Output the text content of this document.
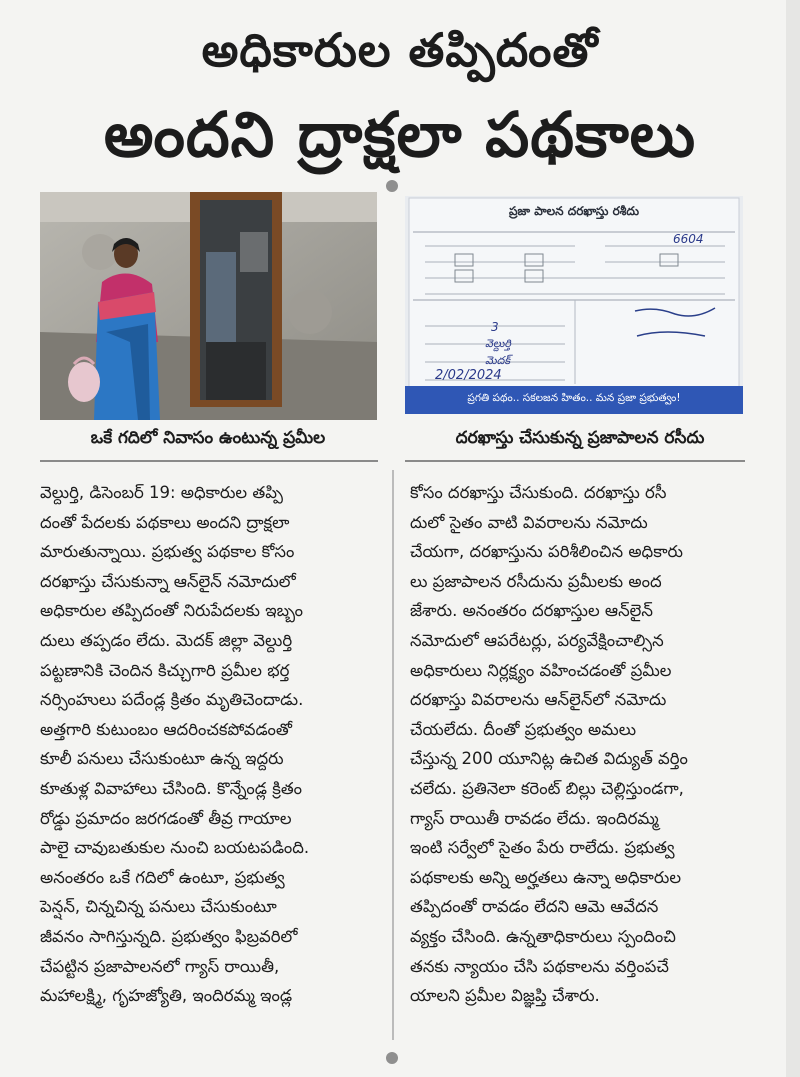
అధికారుల తప్పిదంతో
అందని ద్రాక్షలా పథకాలు
ప్రజా పాలన దరఖాస్తు రశీదు
6604
3
వెల్దుర్తి
మెదక్
2/02/2024
ప్రగతి పథం.. సకలజన హితం.. మన ప్రజా ప్రభుత్వం!
ఒకే గదిలో నివాసం ఉంటున్న ప్రమీల	దరఖాస్తు చేసుకున్న ప్రజాపాలన రసీదు

వెల్దుర్తి, డిసెంబర్ 19: అధికారుల తప్పి

దంతో పేదలకు పథకాలు అందని ద్రాక్షలా

మారుతున్నాయి. ప్రభుత్వ పథకాల కోసం

దరఖాస్తు చేసుకున్నా ఆన్‌లైన్ నమోదులో

అధికారుల తప్పిదంతో నిరుపేదలకు ఇబ్బం

దులు తప్పడం లేదు. మెదక్ జిల్లా వెల్దుర్తి

పట్టణానికి చెందిన కిచ్చుగారి ప్రమీల భర్త

నర్సింహులు పదేండ్ల క్రితం మృతిచెందాడు.

అత్తగారి కుటుంబం ఆదరించకపోవడంతో

కూలీ పనులు చేసుకుంటూ ఉన్న ఇద్దరు

కూతుళ్ల వివాహాలు చేసింది. కొన్నేండ్ల క్రితం

రోడ్డు ప్రమాదం జరగడంతో తీవ్ర గాయాల

పాలై చావుబతుకుల నుంచి బయటపడింది.

అనంతరం ఒకే గదిలో ఉంటూ, ప్రభుత్వ

పెన్షన్, చిన్నచిన్న పనులు చేసుకుంటూ

జీవనం సాగిస్తున్నది. ప్రభుత్వం ఫిబ్రవరిలో

చేపట్టిన ప్రజాపాలనలో గ్యాస్ రాయితీ,

మహాలక్ష్మి, గృహజ్యోతి, ఇందిరమ్మ ఇండ్ల

కోసం దరఖాస్తు చేసుకుంది. దరఖాస్తు రసీ

దులో సైతం వాటి వివరాలను నమోదు

చేయగా, దరఖాస్తును పరిశీలించిన అధికారు

లు ప్రజాపాలన రసీదును ప్రమీలకు అంద

జేశారు. అనంతరం దరఖాస్తుల ఆన్‌లైన్

నమోదులో ఆపరేటర్లు, పర్యవేక్షించాల్సిన

అధికారులు నిర్లక్ష్యం వహించడంతో ప్రమీల

దరఖాస్తు వివరాలను ఆన్‌లైన్‌లో నమోదు

చేయలేదు. దీంతో ప్రభుత్వం అమలు

చేస్తున్న 200 యూనిట్ల ఉచిత విద్యుత్ వర్తిం

చలేదు. ప్రతినెలా కరెంట్ బిల్లు చెల్లిస్తుండగా,

గ్యాస్ రాయితీ రావడం లేదు. ఇందిరమ్మ

ఇంటి సర్వేలో సైతం పేరు రాలేదు. ప్రభుత్వ

పథకాలకు అన్ని అర్హతలు ఉన్నా అధికారుల

తప్పిదంతో రావడం లేదని ఆమె ఆవేదన

వ్యక్తం చేసింది. ఉన్నతాధికారులు స్పందించి

తనకు న్యాయం చేసి పథకాలను వర్తింపచే

యాలని ప్రమీల విజ్ఞప్తి చేశారు.
